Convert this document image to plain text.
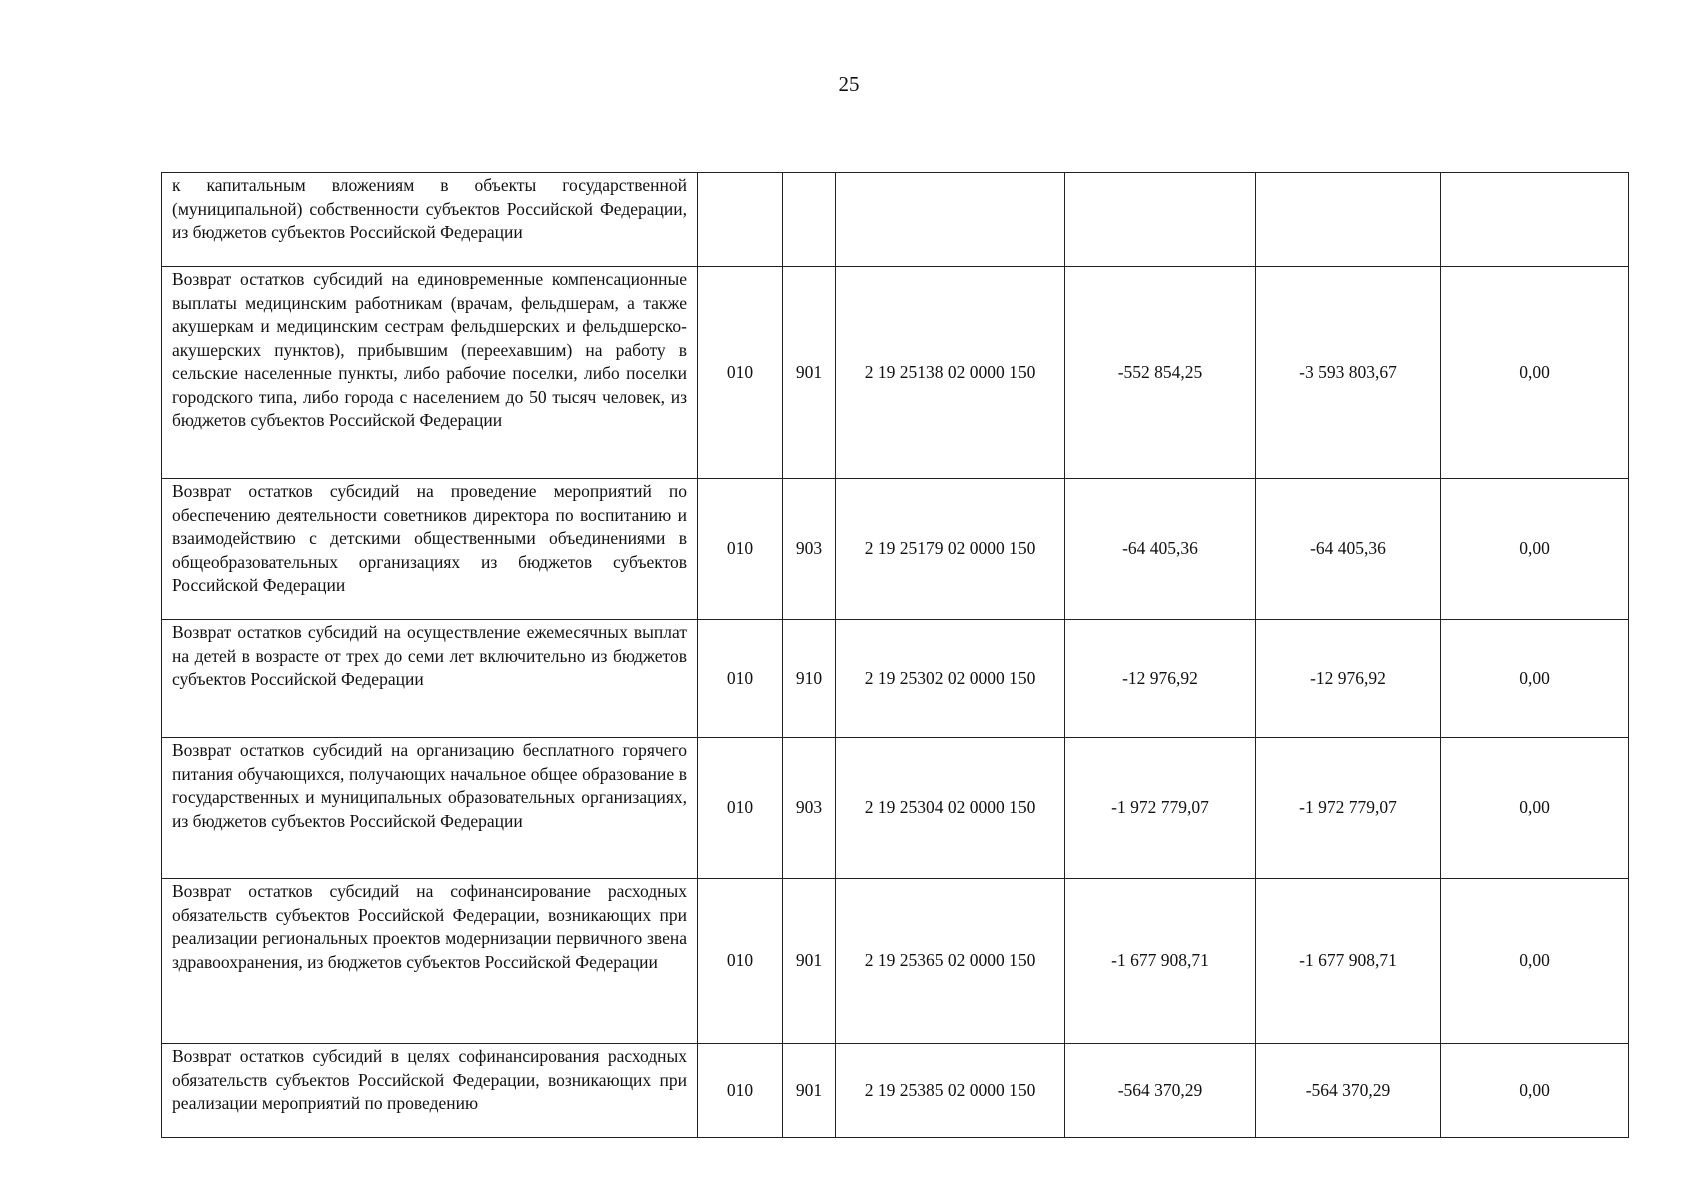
25
к капитальным вложениям в объекты государственной (муниципальной) собственности субъектов Российской Федерации, из бюджетов субъектов Российской Федерации						
Возврат остатков субсидий на единовременные компенсационные выплаты медицинским работникам (врачам, фельдшерам, а также акушеркам и медицинским сестрам фельдшерских и фельдшерско-акушерских пунктов), прибывшим (переехавшим) на работу в сельские населенные пункты, либо рабочие поселки, либо поселки городского типа, либо города с населением до 50 тысяч человек, из бюджетов субъектов Российской Федерации	010	901	2 19 25138 02 0000 150	-552 854,25	-3 593 803,67	0,00
Возврат остатков субсидий на проведение мероприятий по обеспечению деятельности советников директора по воспитанию и взаимодействию с детскими общественными объединениями в общеобразовательных организациях из бюджетов субъектов Российской Федерации	010	903	2 19 25179 02 0000 150	-64 405,36	-64 405,36	0,00
Возврат остатков субсидий на осуществление ежемесячных выплат на детей в возрасте от трех до семи лет включительно из бюджетов субъектов Российской Федерации	010	910	2 19 25302 02 0000 150	-12 976,92	-12 976,92	0,00
Возврат остатков субсидий на организацию бесплатного горячего питания обучающихся, получающих начальное общее образование в государственных и муниципальных образовательных организациях, из бюджетов субъектов Российской Федерации	010	903	2 19 25304 02 0000 150	-1 972 779,07	-1 972 779,07	0,00
Возврат остатков субсидий на софинансирование расходных обязательств субъектов Российской Федерации, возникающих при реализации региональных проектов модернизации первичного звена здравоохранения, из бюджетов субъектов Российской Федерации	010	901	2 19 25365 02 0000 150	-1 677 908,71	-1 677 908,71	0,00
Возврат остатков субсидий в целях софинансирования расходных обязательств субъектов Российской Федерации, возникающих при реализации мероприятий по проведению	010	901	2 19 25385 02 0000 150	-564 370,29	-564 370,29	0,00
